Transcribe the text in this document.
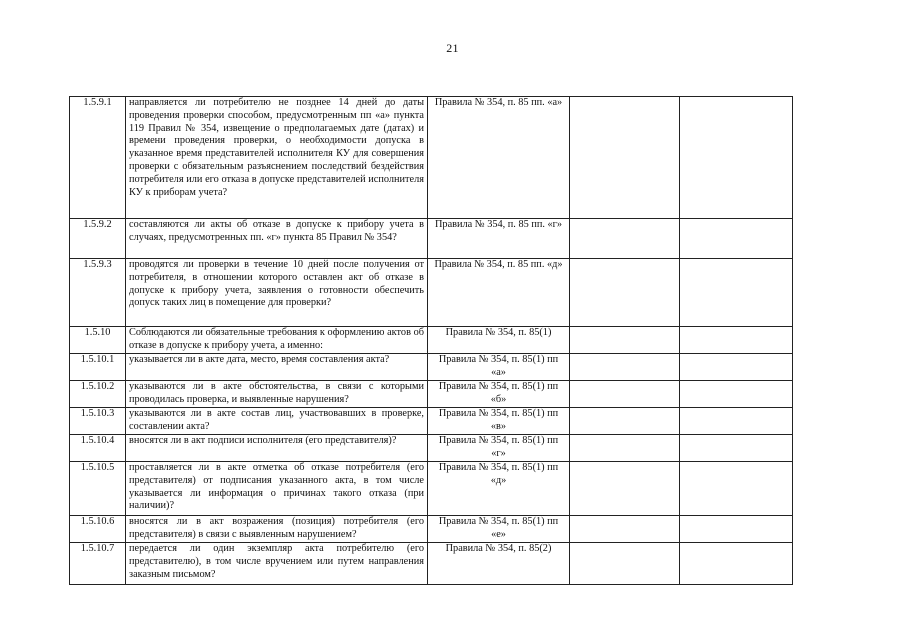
21
1.5.9.1	направляется ли потребителю не позднее 14 дней до даты проведения проверки способом, предусмотренным пп «а» пункта 119 Правил № 354, извещение о предполагаемых дате (датах) и времени проведения проверки, о необходимости допуска в указанное время представителей исполнителя КУ для совершения проверки с обязательным разъяснением последствий бездействия потребителя или его отказа в допуске представителей исполнителя КУ к приборам учета?	Правила № 354, п. 85 пп. «а»		
1.5.9.2	составляются ли акты об отказе в допуске к прибору учета в случаях, предусмотренных пп. «г» пункта 85 Правил № 354?	Правила № 354, п. 85 пп. «г»		
1.5.9.3	проводятся ли проверки в течение 10 дней после получения от потребителя, в отношении которого оставлен акт об отказе в допуске к прибору учета, заявления о готовности обеспечить допуск таких лиц в помещение для проверки?	Правила № 354, п. 85 пп. «д»		
1.5.10	Соблюдаются ли обязательные требования к оформлению актов об отказе в допуске к прибору учета, а именно:	Правила № 354, п. 85(1)		
1.5.10.1	указывается ли в акте дата, место, время составления акта?	Правила № 354, п. 85(1) пп «а»		
1.5.10.2	указываются ли в акте обстоятельства, в связи с которыми проводилась проверка, и выявленные нарушения?	Правила № 354, п. 85(1) пп «б»		
1.5.10.3	указываются ли в акте состав лиц, участвовавших в проверке, составлении акта?	Правила № 354, п. 85(1) пп «в»		
1.5.10.4	вносятся ли в акт подписи исполнителя (его представителя)?	Правила № 354, п. 85(1) пп «г»		
1.5.10.5	проставляется ли в акте отметка об отказе потребителя (его представителя) от подписания указанного акта, в том числе указывается ли информация о причинах такого отказа (при наличии)?	Правила № 354, п. 85(1) пп «д»		
1.5.10.6	вносятся ли в акт возражения (позиция) потребителя (его представителя) в связи с выявленным нарушением?	Правила № 354, п. 85(1) пп «е»		
1.5.10.7	передается ли один экземпляр акта потребителю (его представителю), в том числе вручением или путем направления заказным письмом?	Правила № 354, п. 85(2)		
